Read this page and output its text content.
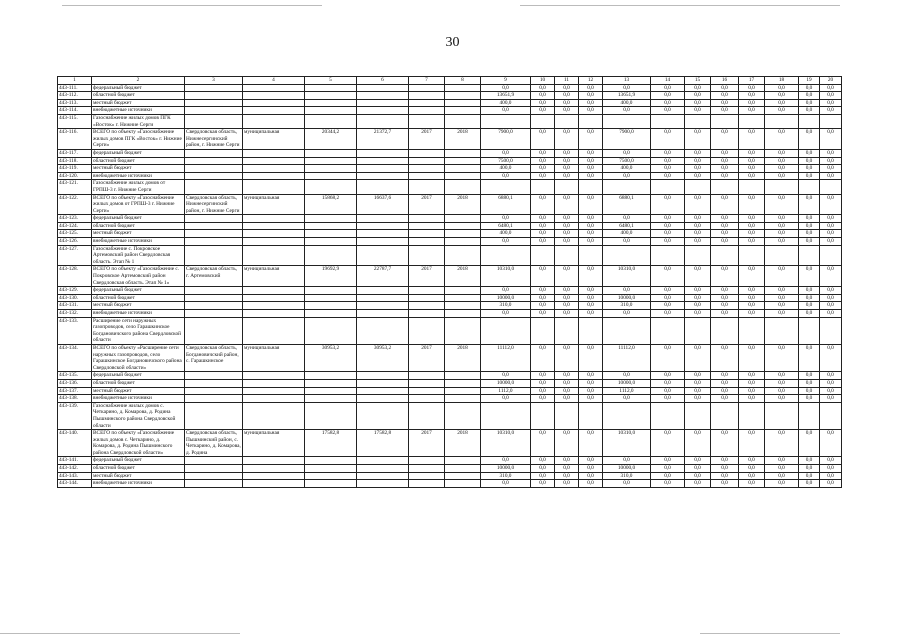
30
1	2	3	4	5	6	7	8	9	10	11	12	13	14	15	16	17	18	19	20
443-111.	федеральный бюджет							0,0	0,0	0,0	0,0	0,0	0,0	0,0	0,0	0,0	0,0	0,0	0,0
443-112.	областной бюджет							13651,9	0,0	0,0	0,0	13651,9	0,0	0,0	0,0	0,0	0,0	0,0	0,0
443-113.	местный бюджет							400,0	0,0	0,0	0,0	400,0	0,0	0,0	0,0	0,0	0,0	0,0	0,0
443-114.	внебюджетные источники							0,0	0,0	0,0	0,0	0,0	0,0	0,0	0,0	0,0	0,0	0,0	0,0
443-115.	Газоснабжение жилых домов ПГК «Восток» г. Нижние Серги																		
443-116.	ВСЕГО по объекту «Газоснабжение жилых домов ПГК «Восток» г. Нижние Серги»	Свердловская область, Нижнесергинский район, г. Нижние Серги	муниципальная	20344,2	21372,7	2017	2018	7900,0	0,0	0,0	0,0	7900,0	0,0	0,0	0,0	0,0	0,0	0,0	0,0
443-117.	федеральный бюджет							0,0	0,0	0,0	0,0	0,0	0,0	0,0	0,0	0,0	0,0	0,0	0,0
443-118.	областной бюджет							7500,0	0,0	0,0	0,0	7500,0	0,0	0,0	0,0	0,0	0,0	0,0	0,0
443-119.	местный бюджет							400,0	0,0	0,0	0,0	400,0	0,0	0,0	0,0	0,0	0,0	0,0	0,0
443-120.	внебюджетные источники							0,0	0,0	0,0	0,0	0,0	0,0	0,0	0,0	0,0	0,0	0,0	0,0
443-121.	Газоснабжение жилых домов от ГРПШ-3 г. Нижние Серги																		
443-122.	ВСЕГО по объекту «Газоснабжение жилых домов от ГРПШ-3 г. Нижние Серги»	Свердловская область, Нижнесергинский район, г. Нижние Серги	муниципальная	15868,2	16637,6	2017	2018	6880,1	0,0	0,0	0,0	6880,1	0,0	0,0	0,0	0,0	0,0	0,0	0,0
443-123.	федеральный бюджет							0,0	0,0	0,0	0,0	0,0	0,0	0,0	0,0	0,0	0,0	0,0	0,0
443-124.	областной бюджет							6480,1	0,0	0,0	0,0	6480,1	0,0	0,0	0,0	0,0	0,0	0,0	0,0
443-125.	местный бюджет							400,0	0,0	0,0	0,0	400,0	0,0	0,0	0,0	0,0	0,0	0,0	0,0
443-126.	внебюджетные источники							0,0	0,0	0,0	0,0	0,0	0,0	0,0	0,0	0,0	0,0	0,0	0,0
443-127.	Газоснабжение с. Покровское Артемовский район Свердловская область. Этап № 1																		
443-128.	ВСЕГО по объекту «Газоснабжение с. Покровское Артемовский район Свердловская область. Этап № 1»	Свердловская область, г. Артемовский	муниципальная	19692,9	22787,7	2017	2018	10310,0	0,0	0,0	0,0	10310,0	0,0	0,0	0,0	0,0	0,0	0,0	0,0
443-129.	федеральный бюджет							0,0	0,0	0,0	0,0	0,0	0,0	0,0	0,0	0,0	0,0	0,0	0,0
443-130.	областной бюджет							10000,0	0,0	0,0	0,0	10000,0	0,0	0,0	0,0	0,0	0,0	0,0	0,0
443-131.	местный бюджет							310,0	0,0	0,0	0,0	310,0	0,0	0,0	0,0	0,0	0,0	0,0	0,0
443-132.	внебюджетные источники							0,0	0,0	0,0	0,0	0,0	0,0	0,0	0,0	0,0	0,0	0,0	0,0
443-133.	Расширение сети наружных газопроводов, село Гарашкинское Богдановичского района Свердловской области																		
443-134.	ВСЕГО по объекту «Расширение сети наружных газопроводов, село Гарашкинское Богдановичского района Свердловской области»	Свердловская область, Богдановичский район, с. Гарашкинское	муниципальная	30953,2	30953,2	2017	2018	11112,0	0,0	0,0	0,0	11112,0	0,0	0,0	0,0	0,0	0,0	0,0	0,0
443-135.	федеральный бюджет							0,0	0,0	0,0	0,0	0,0	0,0	0,0	0,0	0,0	0,0	0,0	0,0
443-136.	областной бюджет							10000,0	0,0	0,0	0,0	10000,0	0,0	0,0	0,0	0,0	0,0	0,0	0,0
443-137.	местный бюджет							1112,0	0,0	0,0	0,0	1112,0	0,0	0,0	0,0	0,0	0,0	0,0	0,0
443-138.	внебюджетные источники							0,0	0,0	0,0	0,0	0,0	0,0	0,0	0,0	0,0	0,0	0,0	0,0
443-139.	Газоснабжение жилых домов с. Четкарино, д. Комарова, д. Родина Пышминского района Свердловской области																		
443-140.	ВСЕГО по объекту «Газоснабжение жилых домов с. Четкарино, д. Комарова, д. Родина Пышминского района Свердловской области»	Свердловская область, Пышминский район, с. Четкарино, д. Комарова, д. Родина	муниципальная	17582,8	17582,8	2017	2018	10310,0	0,0	0,0	0,0	10310,0	0,0	0,0	0,0	0,0	0,0	0,0	0,0
443-141.	федеральный бюджет							0,0	0,0	0,0	0,0	0,0	0,0	0,0	0,0	0,0	0,0	0,0	0,0
443-142.	областной бюджет							10000,0	0,0	0,0	0,0	10000,0	0,0	0,0	0,0	0,0	0,0	0,0	0,0
443-143.	местный бюджет							310,0	0,0	0,0	0,0	310,0	0,0	0,0	0,0	0,0	0,0	0,0	0,0
443-144.	внебюджетные источники							0,0	0,0	0,0	0,0	0,0	0,0	0,0	0,0	0,0	0,0	0,0	0,0
